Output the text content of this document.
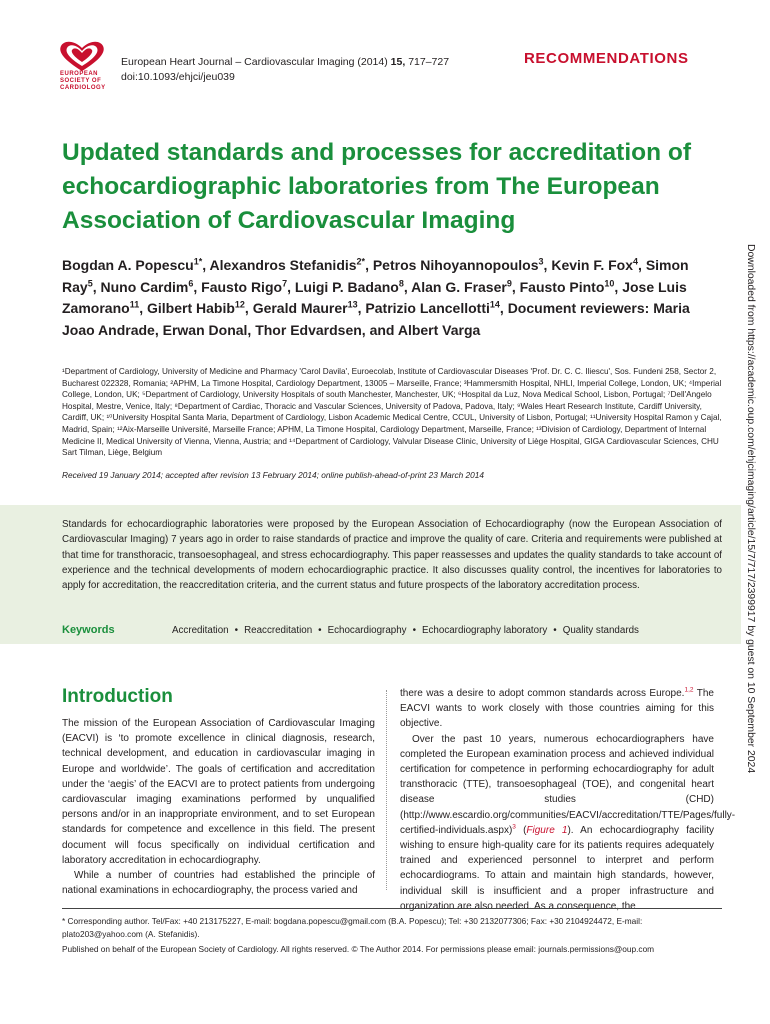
EUROPEAN
SOCIETY OF
CARDIOLOGY
European Heart Journal – Cardiovascular Imaging (2014) 15, 717–727
doi:10.1093/ehjci/jeu039
RECOMMENDATIONS
Updated standards and processes for accreditation of echocardiographic laboratories from The European Association of Cardiovascular Imaging
Bogdan A. Popescu$^{1*}$, Alexandros Stefanidis$^{2*}$, Petros Nihoyannopoulos$^3$, Kevin F. Fox$^4$, Simon Ray$^5$, Nuno Cardim$^6$, Fausto Rigo$^7$, Luigi P. Badano$^8$, Alan G. Fraser$^9$, Fausto Pinto$^{10}$, Jose Luis Zamorano$^{11}$, Gilbert Habib$^{12}$, Gerald Maurer$^{13}$, Patrizio Lancellotti$^{14}$, Document reviewers: Maria Joao Andrade, Erwan Donal, Thor Edvardsen, and Albert Varga
¹Department of Cardiology, University of Medicine and Pharmacy 'Carol Davila', Euroecolab, Institute of Cardiovascular Diseases 'Prof. Dr. C. C. Iliescu', Sos. Fundeni 258, Sector 2, Bucharest 022328, Romania; ²APHM, La Timone Hospital, Cardiology Department, 13005 – Marseille, France; ³Hammersmith Hospital, NHLI, Imperial College, London, UK; ⁴Imperial College, London, UK; ⁵Department of Cardiology, University Hospitals of south Manchester, Manchester, UK; ⁶Hospital da Luz, Nova Medical School, Lisbon, Portugal; ⁷Dell'Angelo Hospital, Mestre, Venice, Italy; ⁸Department of Cardiac, Thoracic and Vascular Sciences, University of Padova, Padova, Italy; ⁹Wales Heart Research Institute, Cardiff University, Cardiff, UK; ¹⁰University Hospital Santa Maria, Department of Cardiology, Lisbon Academic Medical Centre, CCUL, University of Lisbon, Portugal; ¹¹University Hospital Ramon y Cajal, Madrid, Spain; ¹²Aix-Marseille Université, Marseille France; APHM, La Timone Hospital, Cardiology Department, Marseille, France; ¹³Division of Cardiology, Department of Internal Medicine II, Medical University of Vienna, Vienna, Austria; and ¹⁴Department of Cardiology, Valvular Disease Clinic, University of Liège Hospital, GIGA Cardiovascular Sciences, CHU Sart Tilman, Liège, Belgium
Received 19 January 2014; accepted after revision 13 February 2014; online publish-ahead-of-print 23 March 2014
Standards for echocardiographic laboratories were proposed by the European Association of Echocardiography (now the European Association of Cardiovascular Imaging) 7 years ago in order to raise standards of practice and improve the quality of care. Criteria and requirements were published at that time for transthoracic, transoesophageal, and stress echocardiography. This paper reassesses and updates the quality standards to take account of experience and the technical developments of modern echocardiographic practice. It also discusses quality control, the incentives for laboratories to apply for accreditation, the reaccreditation criteria, and the current status and future prospects of the laboratory accreditation process.
Keywords	Accreditation • Reaccreditation • Echocardiography • Echocardiography laboratory • Quality standards
Introduction

The mission of the European Association of Cardiovascular Imaging (EACVI) is ‘to promote excellence in clinical diagnosis, research, technical development, and education in cardiovascular imaging in Europe and worldwide’. The goals of certification and accreditation under the ‘aegis’ of the EACVI are to protect patients from undergoing cardiovascular imaging examinations performed by unqualified persons and/or in an inappropriate environment, and to set European standards for competence and excellence in this field. The present document will focus specifically on individual certification and laboratory accreditation in echocardiography.

While a number of countries had established the principle of national examinations in echocardiography, the process varied and

there was a desire to adopt common standards across Europe.$^{1,2}$ The EACVI wants to work closely with those countries aiming for this objective.

Over the past 10 years, numerous echocardiographers have completed the European examination process and achieved individual certification for competence in performing echocardiography for adult transthoracic (TTE), transoesophageal (TOE), and congenital heart disease studies (CHD) (http://www.escardio.org/communities/EACVI/accreditation/TTE/Pages/fully-certified-individuals.aspx)$^3$ (Figure 1). An echocardiography facility wishing to ensure high-quality care for its patients requires adequately trained and experienced personnel to interpret and perform echocardiograms. To attain and maintain high standards, however, individual skill is insufficient and a proper infrastructure and organization are also needed. As a consequence, the

* Corresponding author. Tel/Fax: +40 213175227, E-mail: bogdana.popescu@gmail.com (B.A. Popescu); Tel: +30 2132077306; Fax: +30 2104924472, E-mail: plato203@yahoo.com (A. Stefanidis).
Published on behalf of the European Society of Cardiology. All rights reserved. © The Author 2014. For permissions please email: journals.permissions@oup.com
Downloaded from https://academic.oup.com/ehjcimaging/article/15/7/717/2399917 by guest on 10 September 2024
